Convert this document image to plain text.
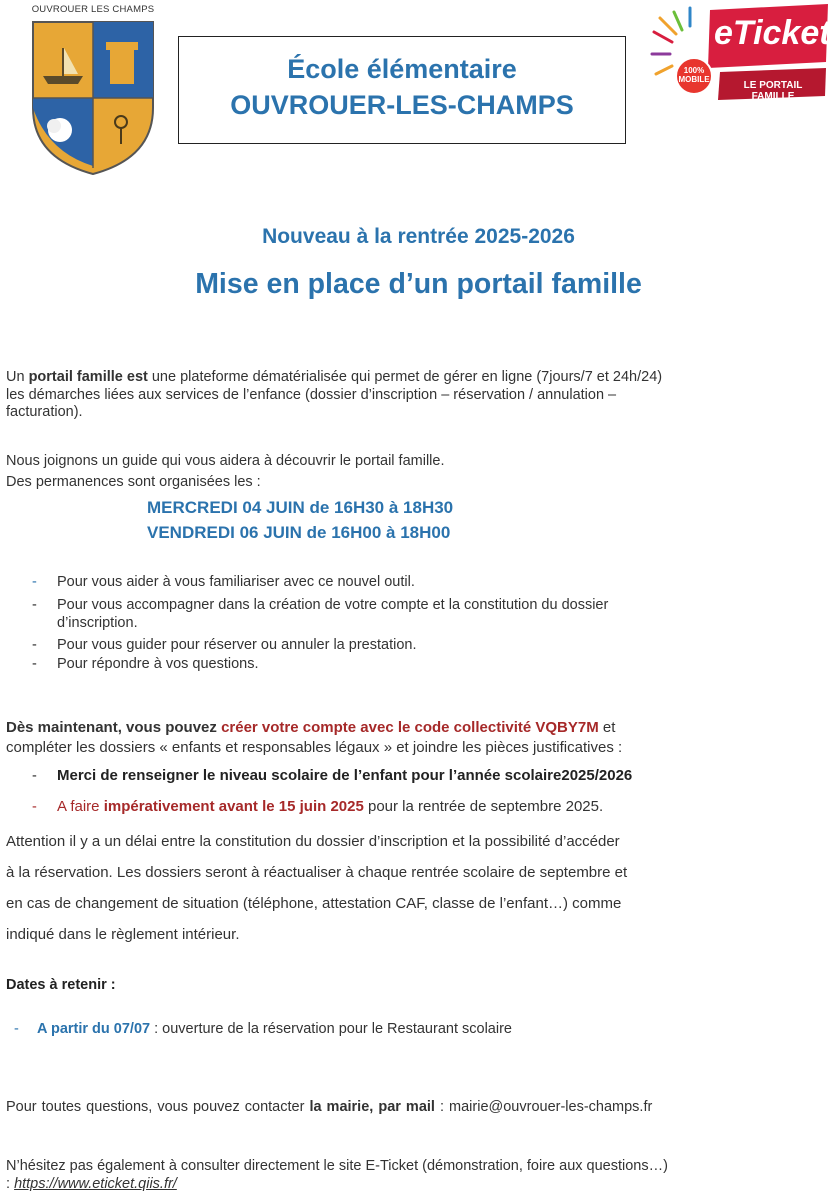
OUVROUER LES CHAMPS
École élémentaire
OUVROUER-LES-CHAMPS
eTicket
LE PORTAIL FAMILLE
100%
MOBILE
Nouveau à la rentrée 2025-2026
Mise en place d’un portail famille
Un portail famille est une plateforme dématérialisée qui permet de gérer en ligne (7jours/7 et 24h/24)
les démarches liées aux services de l’enfance (dossier d’inscription – réservation / annulation –
facturation).
Nous joignons un guide qui vous aidera à découvrir le portail famille.
Des permanences sont organisées les :
MERCREDI 04 JUIN de 16H30 à 18H30
VENDREDI 06 JUIN de 16H00 à 18H00
- Pour vous aider à vous familiariser avec ce nouvel outil.
- Pour vous accompagner dans la création de votre compte et la constitution du dossier
d’inscription.
- Pour vous guider pour réserver ou annuler la prestation.
- Pour répondre à vos questions.
Dès maintenant, vous pouvez créer votre compte avec le code collectivité VQBY7M et
compléter les dossiers « enfants et responsables légaux » et joindre les pièces justificatives :
- Merci de renseigner le niveau scolaire de l’enfant pour l’année scolaire2025/2026
- A faire impérativement avant le 15 juin 2025 pour la rentrée de septembre 2025.
Attention il y a un délai entre la constitution du dossier d’inscription et la possibilité d’accéder
à la réservation. Les dossiers seront à réactualiser à chaque rentrée scolaire de septembre et
en cas de changement de situation (téléphone, attestation CAF, classe de l’enfant…) comme
indiqué dans le règlement intérieur.
Dates à retenir :
- A partir du 07/07 : ouverture de la réservation pour le Restaurant scolaire
Pour toutes questions, vous pouvez contacter la mairie, par mail : mairie@ouvrouer-les-champs.fr
N’hésitez pas également à consulter directement le site E-Ticket (démonstration, foire aux questions…)
: https://www.eticket.qiis.fr/
